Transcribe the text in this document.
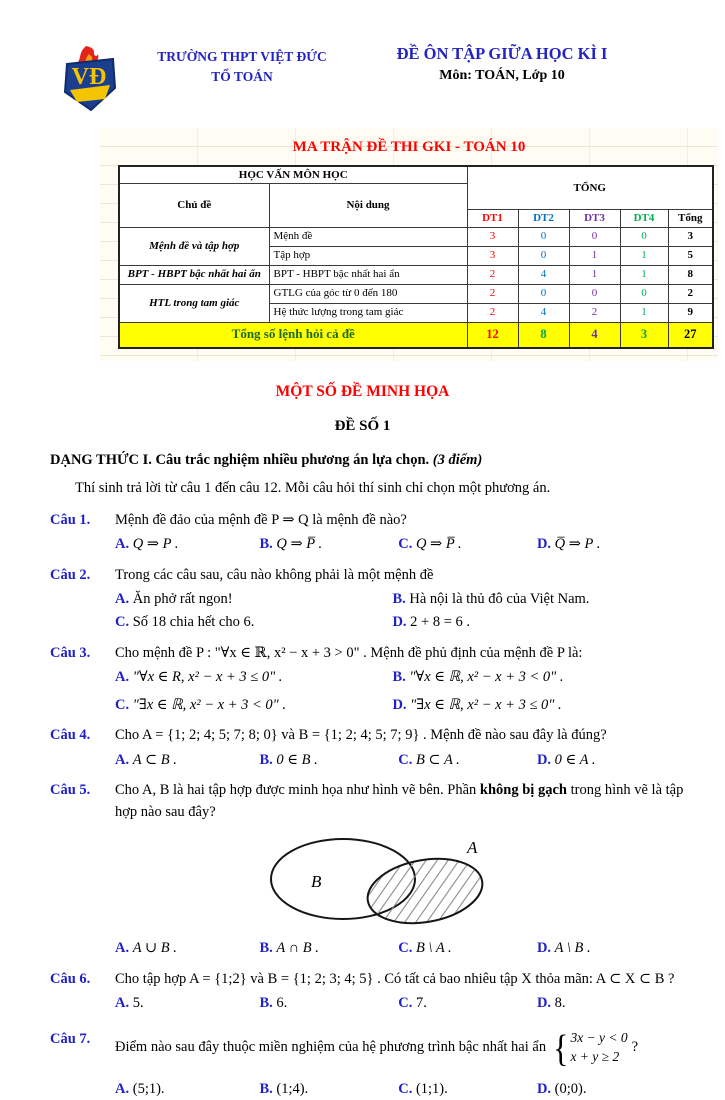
VĐ
TRƯỜNG THPT VIỆT ĐỨC
TỔ TOÁN
ĐỀ ÔN TẬP GIỮA HỌC KÌ I
Môn: TOÁN, Lớp 10
MA TRẬN ĐỀ THI GKI - TOÁN 10
HỌC VẤN MÔN HỌC		TỔNG				
Chủ đề	Nội dung					
		DT1	DT2	DT3	DT4	Tổng
Mệnh đề và tập hợp	Mệnh đề	3	0	0	0	3
	Tập hợp	3	0	1	1	5
BPT - HBPT bậc nhất hai ẩn	BPT - HBPT bậc nhất hai ẩn	2	4	1	1	8
HTL trong tam giác	GTLG của góc từ 0 đến 180	2	0	0	0	2
	Hệ thức lượng trong tam giác	2	4	2	1	9
Tổng số lệnh hỏi cả đề		12	8	4	3	27
MỘT SỐ ĐỀ MINH HỌA
ĐỀ SỐ 1
DẠNG THỨC I. Câu trắc nghiệm nhiều phương án lựa chọn. (3 điểm)
Thí sinh trả lời từ câu 1 đến câu 12. Mỗi câu hỏi thí sinh chỉ chọn một phương án.
Câu 1.	Mệnh đề đảo của mệnh đề P ⇒ Q là mệnh đề nào?
A. Q ⇒ P .	B. Q ⇒ P̅ .	C. Q ⇒ P̅ .	D. Q̅ ⇒ P .
Câu 2.	Trong các câu sau, câu nào không phải là một mệnh đề
A. Ăn phở rất ngon!	B. Hà nội là thủ đô của Việt Nam.
C. Số 18 chia hết cho 6.	D. 2 + 8 = 6 .
Câu 3.	Cho mệnh đề P : "∀x ∈ ℝ, x² − x + 3 > 0" . Mệnh đề phủ định của mệnh đề P là:
A. "∀x ∈ R, x² − x + 3 ≤ 0" .	B. "∀x ∈ ℝ, x² − x + 3 < 0" .
C. "∃x ∈ ℝ, x² − x + 3 < 0" .	D. "∃x ∈ ℝ, x² − x + 3 ≤ 0" .
Câu 4.	Cho A = {1; 2; 4; 5; 7; 8; 0} và B = {1; 2; 4; 5; 7; 9} . Mệnh đề nào sau đây là đúng?
A. A ⊂ B .	B. 0 ∈ B .	C. B ⊂ A .	D. 0 ∈ A .
Câu 5.	Cho A, B là hai tập hợp được minh họa như hình vẽ bên. Phần không bị gạch trong hình vẽ là tập hợp nào sau đây?
B
A
A. A ∪ B .	B. A ∩ B .	C. B \ A .	D. A \ B .
Câu 6.	Cho tập hợp A = {1;2} và B = {1; 2; 3; 4; 5} . Có tất cả bao nhiêu tập X thỏa mãn: A ⊂ X ⊂ B ?
A. 5.	B. 6.	C. 7.	D. 8.
Câu 7.
Điểm nào sau đây thuộc miền nghiệm của hệ phương trình bậc nhất hai ẩn { 3x − y < 0
x + y ≥ 2
?
A. (5;1).	B. (1;4).	C. (1;1).	D. (0;0).
